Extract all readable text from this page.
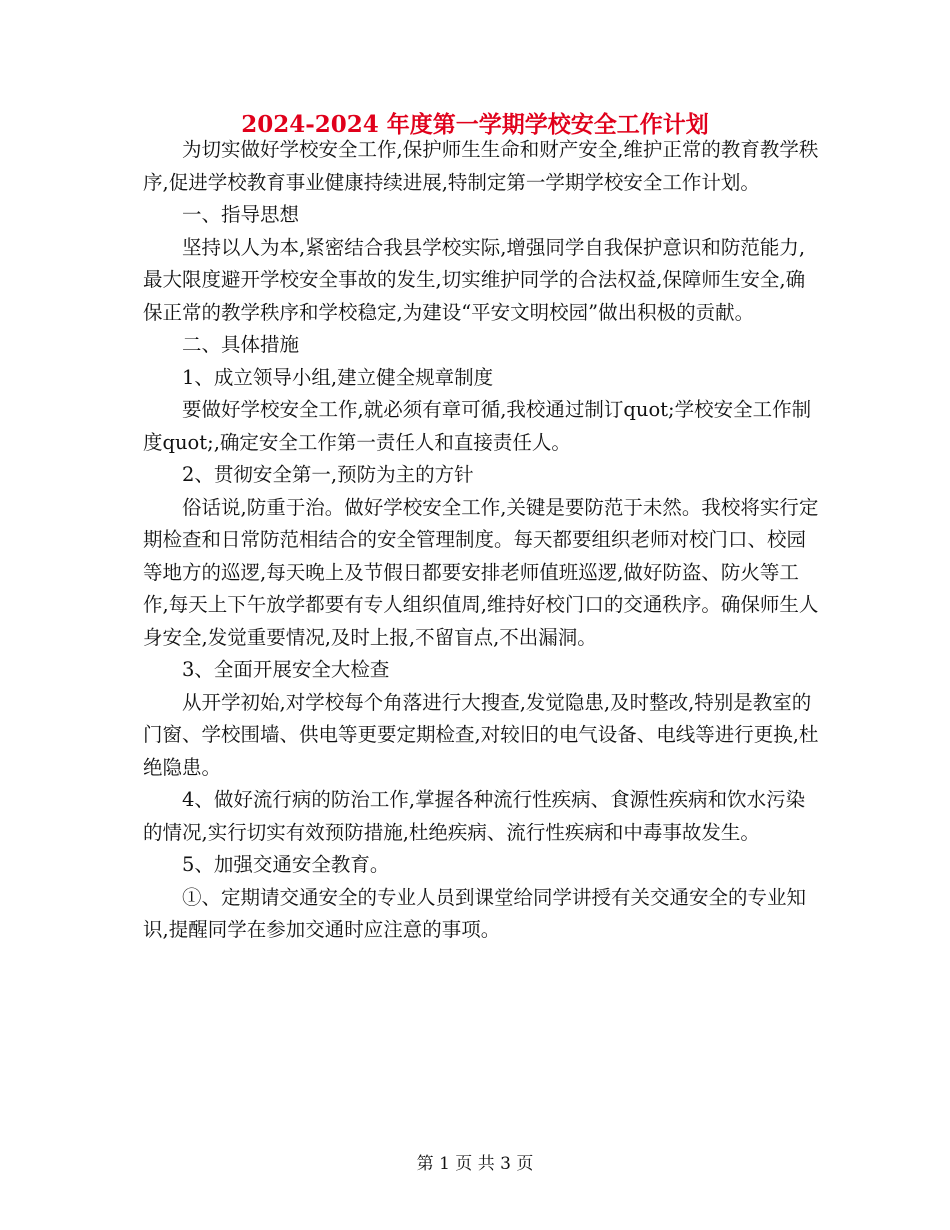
2024-2024 年度第一学期学校安全工作计划

为切实做好学校安全工作,保护师生生命和财产安全,维护正常的教育教学秩序,促进学校教育事业健康持续进展,特制定第一学期学校安全工作计划。

一、指导思想

坚持以人为本,紧密结合我县学校实际,增强同学自我保护意识和防范能力,最大限度避开学校安全事故的发生,切实维护同学的合法权益,保障师生安全,确保正常的教学秩序和学校稳定,为建设“平安文明校园”做出积极的贡献。

二、具体措施

1、成立领导小组,建立健全规章制度

要做好学校安全工作,就必须有章可循,我校通过制订quot;学校安全工作制度quot;,确定安全工作第一责任人和直接责任人。

2、贯彻安全第一,预防为主的方针

俗话说,防重于治。做好学校安全工作,关键是要防范于未然。我校将实行定期检查和日常防范相结合的安全管理制度。每天都要组织老师对校门口、校园等地方的巡逻,每天晚上及节假日都要安排老师值班巡逻,做好防盗、防火等工作,每天上下午放学都要有专人组织值周,维持好校门口的交通秩序。确保师生人身安全,发觉重要情况,及时上报,不留盲点,不出漏洞。

3、全面开展安全大检查

从开学初始,对学校每个角落进行大搜查,发觉隐患,及时整改,特别是教室的门窗、学校围墙、供电等更要定期检查,对较旧的电气设备、电线等进行更换,杜绝隐患。

4、做好流行病的防治工作,掌握各种流行性疾病、食源性疾病和饮水污染的情况,实行切实有效预防措施,杜绝疾病、流行性疾病和中毒事故发生。

5、加强交通安全教育。

①、定期请交通安全的专业人员到课堂给同学讲授有关交通安全的专业知识,提醒同学在参加交通时应注意的事项。

第 1 页 共 3 页
